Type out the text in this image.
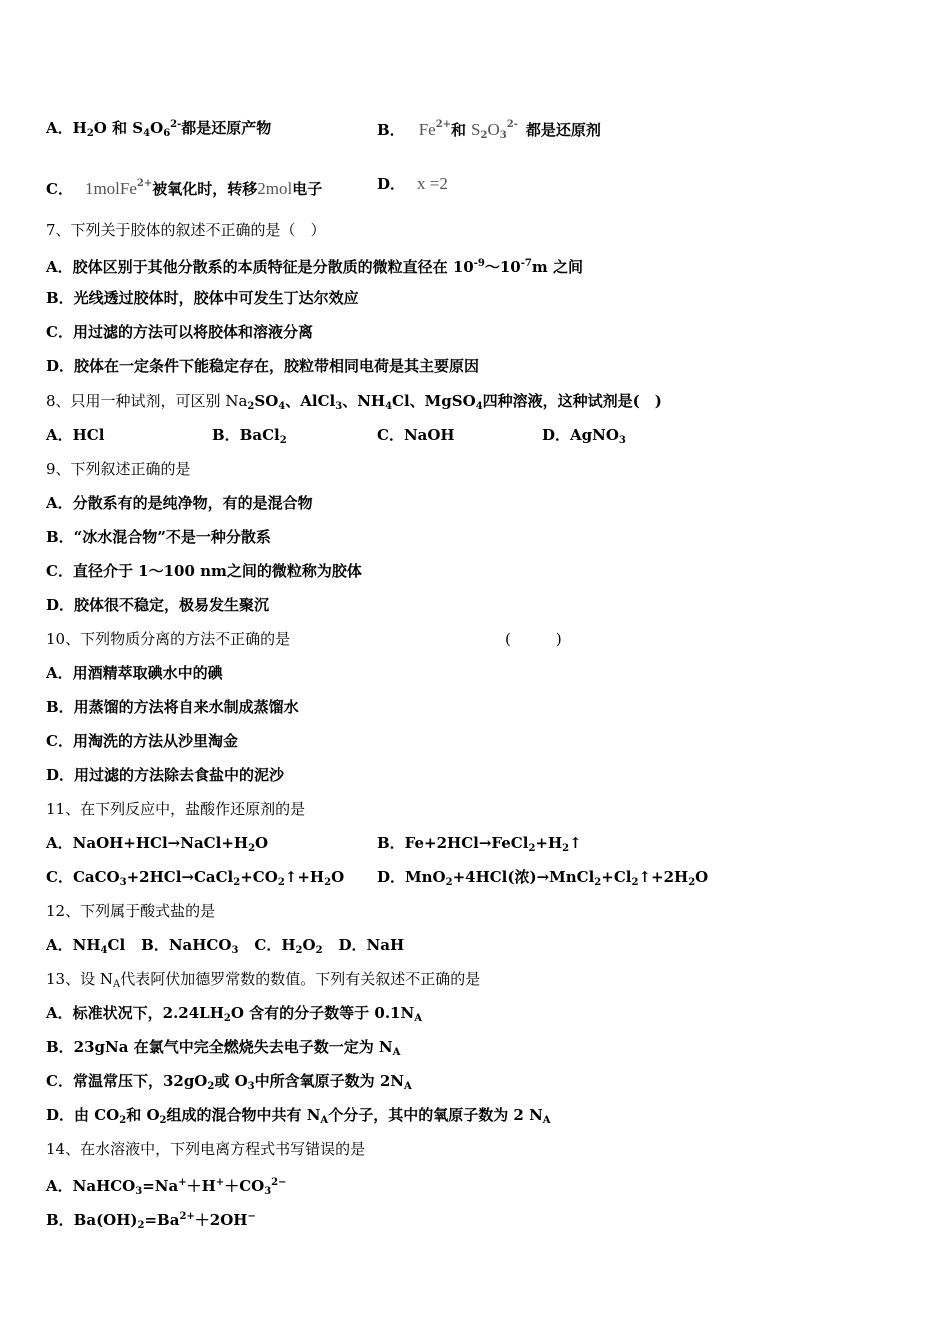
A．$H_2O$ 和 $S_4O_6^{2-}$都是还原产物	B． $Fe^{2+}$和 $S_2O_3^{2-}$ 都是还原剂
C． 1molFe$^{2+}$被氧化时，转移2mol电子	D． x =2
7、下列关于胶体的叙述不正确的是（　）
A．胶体区别于其他分散系的本质特征是分散质的微粒直径在 $10^{-9}\sim 10^{-7}m$ 之间
B．光线透过胶体时，胶体中可发生丁达尔效应
C．用过滤的方法可以将胶体和溶液分离
D．胶体在一定条件下能稳定存在，胶粒带相同电荷是其主要原因
8、只用一种试剂，可区别 $Na_2SO_4$、AlCl$_3$、$NH_4Cl$、MgSO$_4$四种溶液，这种试剂是(　)
A．HCl	B．BaCl$_2$	C．NaOH	D．AgNO$_3$
9、下列叙述正确的是
A．分散系有的是纯净物，有的是混合物
B．“冰水混合物”不是一种分散系
C．直径介于 1～100 nm之间的微粒称为胶体
D．胶体很不稳定，极易发生聚沉
10、下列物质分离的方法不正确的是	(　　　)
A．用酒精萃取碘水中的碘
B．用蒸馏的方法将自来水制成蒸馏水
C．用淘洗的方法从沙里淘金
D．用过滤的方法除去食盐中的泥沙
11、在下列反应中，盐酸作还原剂的是
A．$NaOH+HCl\to NaCl+H_2O$	B．$Fe+2HCl\to FeCl_2+H_2↑$
C．$CaCO_3+2HCl\to CaCl_2+CO_2↑+H_2O$ D．MnO$_2$+4HCl(浓)$\to MnCl_2+Cl_2↑+2H_2O$
12、下列属于酸式盐的是
A．$NH_4Cl$ B．NaHCO$_3$ C．$H_2O_2$ D．NaH
13、设 $N_A$代表阿伏加德罗常数的数值。下列有关叙述不正确的是
A．标准状况下，$2.24LH_2O$ 含有的分子数等于 $0.1N_A$
B．23gNa 在氯气中完全燃烧失去电子数一定为 $N_A$
C．常温常压下，$32gO_2$或 $O_3$中所含氧原子数为 $2N_A$
D．由 $CO_2$和 $O_2$组成的混合物中共有 $N_A$个分子，其中的氧原子数为 2 $N_A$
14、在水溶液中，下列电离方程式书写错误的是
A．$NaHCO_3=Na^++H^++CO_3^{2-}$
B．$Ba(OH)_2=Ba^{2+}+2OH^-$
